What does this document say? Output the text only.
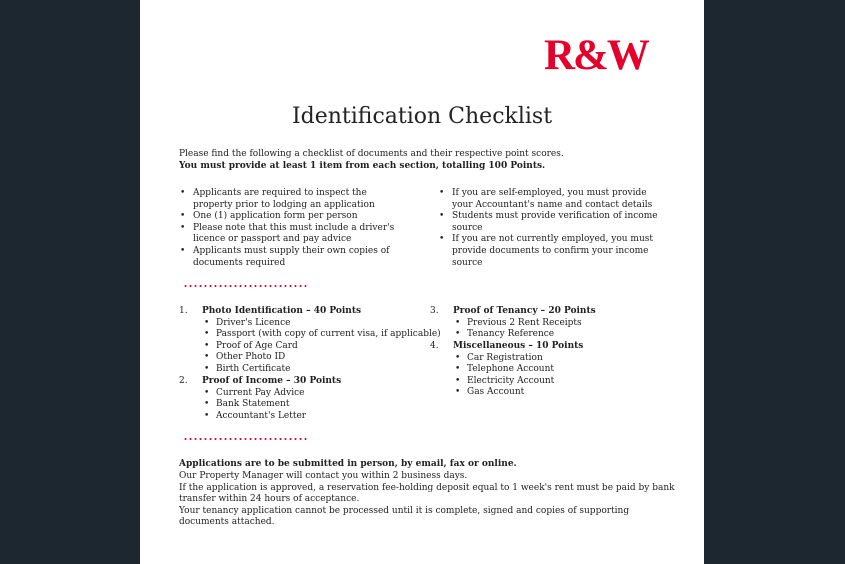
R&W
Identification Checklist
Please find the following a checklist of documents and their respective point scores.
You must provide at least 1 item from each section, totalling 100 Points.
• Applicants are required to inspect the property prior to lodging an application
• One (1) application form per person
• Please note that this must include a driver's licence or passport and pay advice
• Applicants must supply their own copies of documents required
• If you are self-employed, you must provide your Accountant's name and contact details
• Students must provide verification of income source
• If you are not currently employed, you must provide documents to confirm your income source
1. Photo Identification – 40 Points
• Driver's Licence
• Passport (with copy of current visa, if applicable)
• Proof of Age Card
• Other Photo ID
• Birth Certificate
2. Proof of Income – 30 Points
• Current Pay Advice
• Bank Statement
• Accountant's Letter
3. Proof of Tenancy – 20 Points
• Previous 2 Rent Receipts
• Tenancy Reference
4. Miscellaneous – 10 Points
• Car Registration
• Telephone Account
• Electricity Account
• Gas Account
Applications are to be submitted in person, by email, fax or online.
Our Property Manager will contact you within 2 business days.
If the application is approved, a reservation fee-holding deposit equal to 1 week's rent must be paid by bank transfer within 24 hours of acceptance.
Your tenancy application cannot be processed until it is complete, signed and copies of supporting documents attached.
